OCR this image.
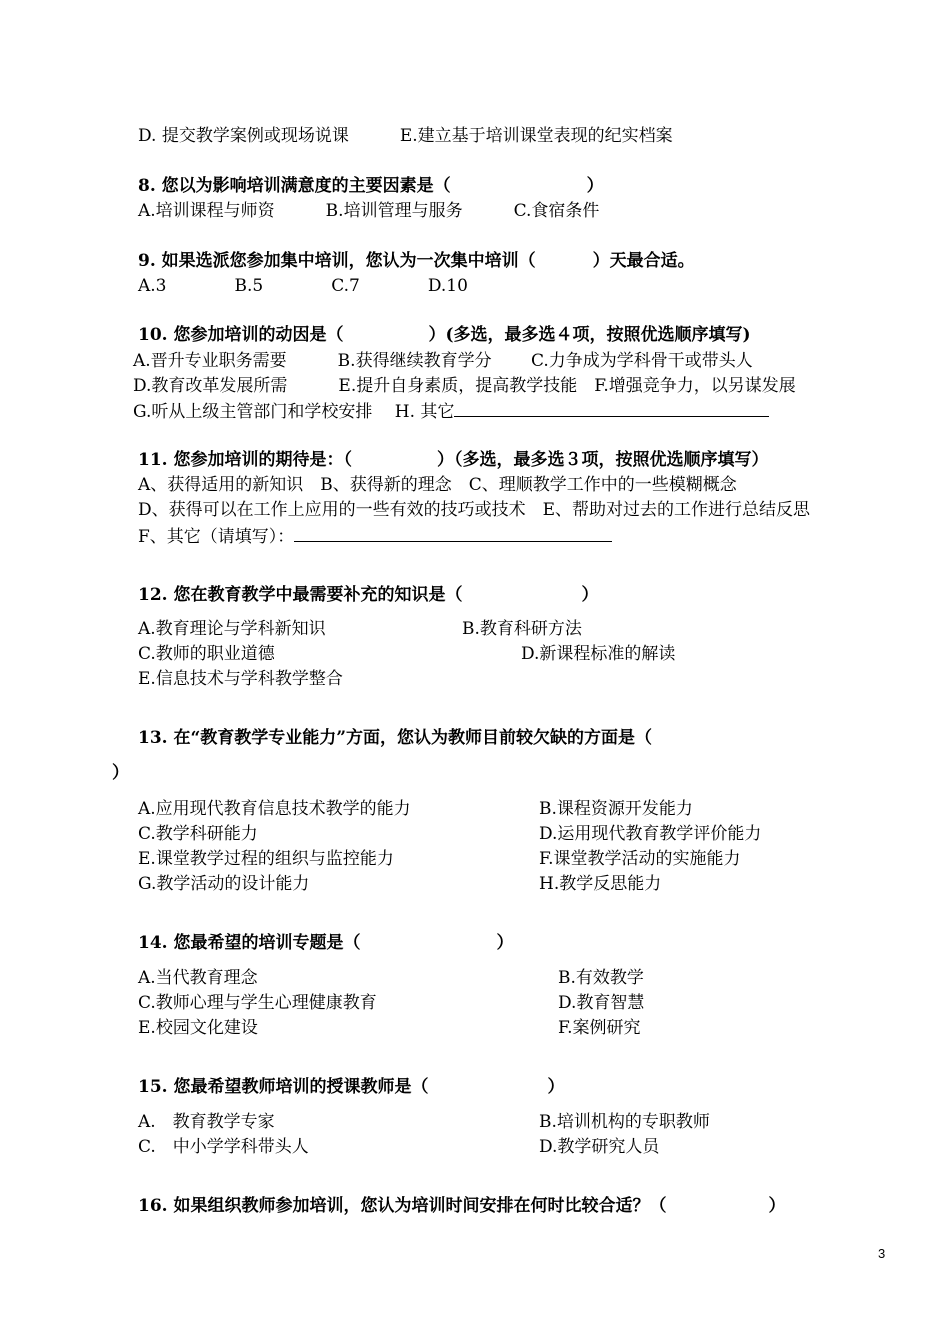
D. 提交教学案例或现场说课　　　E.建立基于培训课堂表现的纪实档案
8. 您以为影响培训满意度的主要因素是（　　　　　　　　）
A.培训课程与师资　　　B.培训管理与服务　　　C.食宿条件
9. 如果选派您参加集中培训，您认为一次集中培训（　　　 ）天最合适。
A.3　　　　B.5　　　　C.7　　　　D.10
10. 您参加培训的动因是（　　　　　）(多选，最多选４项，按照优选顺序填写)
A.晋升专业职务需要　　　B.获得继续教育学分　　 C.力争成为学科骨干或带头人
D.教育改革发展所需　　　E.提升自身素质，提高教学技能　F.增强竞争力，以另谋发展
G.听从上级主管部门和学校安排　 H. 其它
11. 您参加培训的期待是：（　　　　　）（多选，最多选３项，按照优选顺序填写）
A、获得适用的新知识　B、获得新的理念　C、理顺教学工作中的一些模糊概念
D、获得可以在工作上应用的一些有效的技巧或技术　E、帮助对过去的工作进行总结反思
F、其它（请填写）：
12. 您在教育教学中最需要补充的知识是（　　　　　　　）
A.教育理论与学科新知识	B.教育科研方法
C.教师的职业道德	D.新课程标准的解读
E.信息技术与学科教学整合
13. 在“教育教学专业能力”方面，您认为教师目前较欠缺的方面是（
）
A.应用现代教育信息技术教学的能力	B.课程资源开发能力
C.教学科研能力	D.运用现代教育教学评价能力
E.课堂教学过程的组织与监控能力	F.课堂教学活动的实施能力
G.教学活动的设计能力	H.教学反思能力
14. 您最希望的培训专题是（　　　　　　　　）
A.当代教育理念	B.有效教学
C.教师心理与学生心理健康教育	D.教育智慧
E.校园文化建设	F.案例研究
15. 您最希望教师培训的授课教师是（　　　　　　　）
A.　教育教学专家	B.培训机构的专职教师
C.　中小学学科带头人	D.教学研究人员
16. 如果组织教师参加培训，您认为培训时间安排在何时比较合适？（　　　　　　）
3
